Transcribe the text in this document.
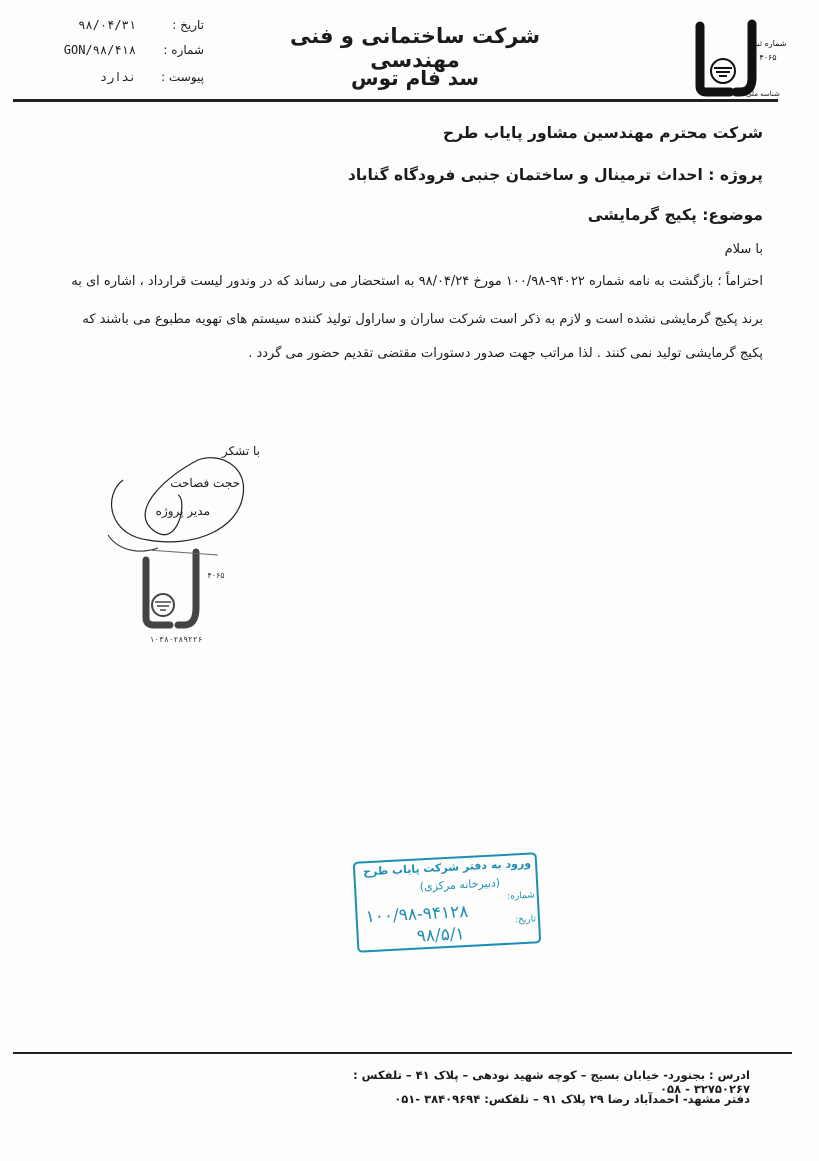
شرکت ساختمانی و فنی مهندسی
سد فام توس
تاریخ :
۹۸/۰۴/۳۱
شماره :
GON/۹۸/۴۱۸
پیوست :
ندارد
شماره ثبت
۴۰۶۵
شناسه ملی: ۱۰۳۸۰۲۸۹۲۲۶
شرکت محترم مهندسین مشاور پایاب طرح
پروژه : احداث ترمینال و ساختمان جنبی فرودگاه گناباد
موضوع: پکیج گرمایشی
با سلام
احتراماً ؛ بازگشت به نامه شماره ۹۴۰۲۲-۱۰۰/۹۸ مورخ ۹۸/۰۴/۲۴ به استحضار می رساند که در وندور لیست قرارداد ، اشاره ای به
برند پکیج گرمایشی نشده است و لازم به ذکر است شرکت ساران و ساراول تولید کننده سیستم های تهویه مطبوع می باشند که
پکیج گرمایشی تولید نمی کنند . لذا مراتب جهت صدور دستورات مقتضی تقدیم حضور می گردد .
با تشکر
حجت فصاحت
مدیر پروژه
۴۰۶۵
۱۰۳۸۰۲۸۹۲۲۶
ورود به دفتر شرکت پایاب طرح
(دبیرخانه مرکزی)
شماره:
۱۰۰/۹۸-۹۴۱۲۸	تاریخ:
۹۸/۵/۱
ادرس : بجنورد- خیابان بسیج – کوچه شهید نودهی – پلاک ۴۱ – تلفکس : ۳۲۷۵۰۲۶۷ - ۰۵۸
دفتر مشهد- احمدآباد رضا ۲۹ پلاک ۹۱ – تلفکس: ۳۸۴۰۹۶۹۴ -۰۵۱
